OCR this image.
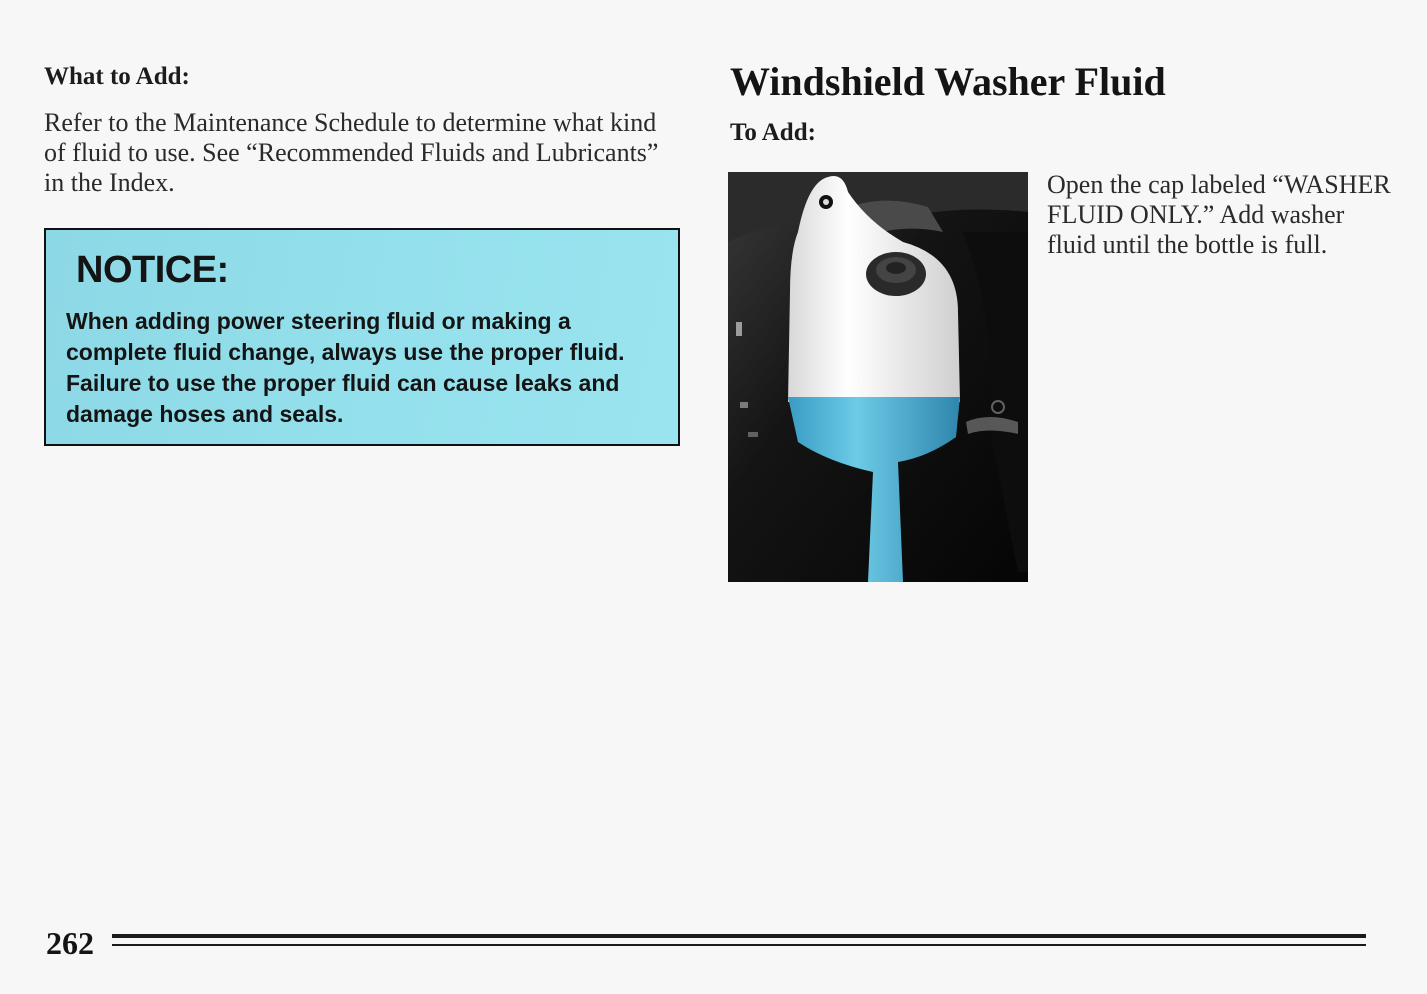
What to Add:

Refer to the Maintenance Schedule to determine what kind of fluid to use. See “Recommended Fluids and Lubricants” in the Index.

NOTICE:

When adding power steering fluid or making a complete fluid change, always use the proper fluid. Failure to use the proper fluid can cause leaks and damage hoses and seals.

Windshield Washer Fluid
To Add:

Open the cap labeled “WASHER FLUID ONLY.” Add washer fluid until the bottle is full.

262
